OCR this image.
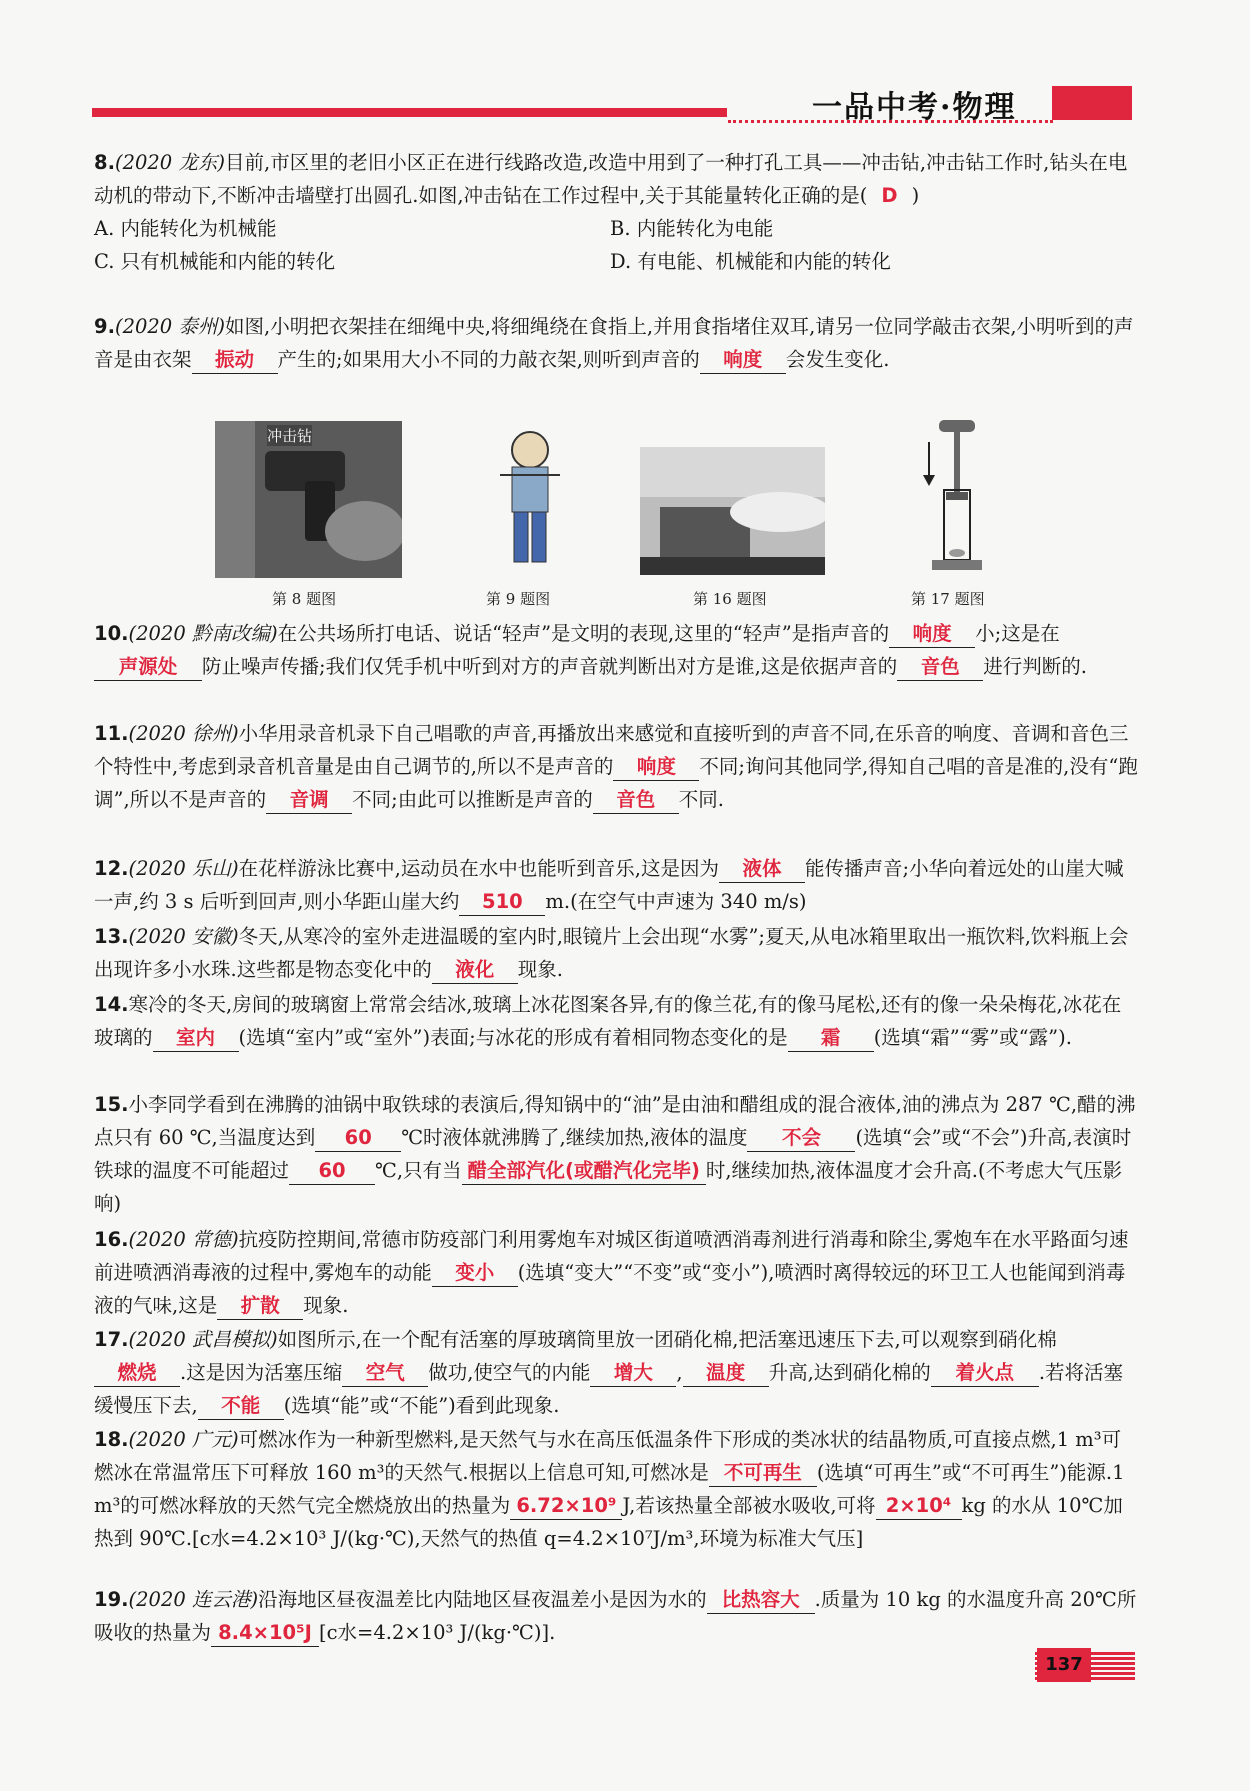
一品中考·物理
8.(2020 龙东)目前,市区里的老旧小区正在进行线路改造,改造中用到了一种打孔工具——冲击钻,冲击钻工作时,钻头在电动机的带动下,不断冲击墙壁打出圆孔.如图,冲击钻在工作过程中,关于其能量转化正确的是( D )
A. 内能转化为机械能	B. 内能转化为电能
C. 只有机械能和内能的转化	D. 有电能、机械能和内能的转化
9.(2020 泰州)如图,小明把衣架挂在细绳中央,将细绳绕在食指上,并用食指堵住双耳,请另一位同学敲击衣架,小明听到的声音是由衣架 振动 产生的;如果用大小不同的力敲衣架,则听到声音的 响度 会发生变化.
冲击钻
第 8 题图	第 9 题图	第 16 题图	第 17 题图
10.(2020 黔南改编)在公共场所打电话、说话“轻声”是文明的表现,这里的“轻声”是指声音的 响度 小;这是在声源处 防止噪声传播;我们仅凭手机中听到对方的声音就判断出对方是谁,这是依据声音的 音色 进行判断的.
11.(2020 徐州)小华用录音机录下自己唱歌的声音,再播放出来感觉和直接听到的声音不同,在乐音的响度、音调和音色三个特性中,考虑到录音机音量是由自己调节的,所以不是声音的 响度 不同;询问其他同学,得知自己唱的音是准的,没有“跑调”,所以不是声音的 音调 不同;由此可以推断是声音的 音色 不同.
12.(2020 乐山)在花样游泳比赛中,运动员在水中也能听到音乐,这是因为 液体 能传播声音;小华向着远处的山崖大喊一声,约 3 s 后听到回声,则小华距山崖大约 510 m.(在空气中声速为 340 m/s)
13.(2020 安徽)冬天,从寒冷的室外走进温暖的室内时,眼镜片上会出现“水雾”;夏天,从电冰箱里取出一瓶饮料,饮料瓶上会出现许多小水珠.这些都是物态变化中的 液化 现象.
14.寒冷的冬天,房间的玻璃窗上常常会结冰,玻璃上冰花图案各异,有的像兰花,有的像马尾松,还有的像一朵朵梅花,冰花在玻璃的 室内 (选填“室内”或“室外”)表面;与冰花的形成有着相同物态变化的是 霜 (选填“霜”“雾”或“露”).
15.小李同学看到在沸腾的油锅中取铁球的表演后,得知锅中的“油”是由油和醋组成的混合液体,油的沸点为 287 ℃,醋的沸点只有 60 ℃,当温度达到 60 ℃时液体就沸腾了,继续加热,液体的温度 不会 (选填“会”或“不会”)升高,表演时铁球的温度不可能超过 60 ℃,只有当 醋全部汽化(或醋汽化完毕) 时,继续加热,液体温度才会升高.(不考虑大气压影响)
16.(2020 常德)抗疫防控期间,常德市防疫部门利用雾炮车对城区街道喷洒消毒剂进行消毒和除尘,雾炮车在水平路面匀速前进喷洒消毒液的过程中,雾炮车的动能 变小 (选填“变大”“不变”或“变小”),喷洒时离得较远的环卫工人也能闻到消毒液的气味,这是 扩散 现象.
17.(2020 武昌模拟)如图所示,在一个配有活塞的厚玻璃筒里放一团硝化棉,把活塞迅速压下去,可以观察到硝化棉燃烧 .这是因为活塞压缩 空气 做功,使空气的内能 增大 , 温度 升高,达到硝化棉的 着火点 .若将活塞缓慢压下去, 不能 (选填“能”或“不能”)看到此现象.
18.(2020 广元)可燃冰作为一种新型燃料,是天然气与水在高压低温条件下形成的类冰状的结晶物质,可直接点燃,1 m³可燃冰在常温常压下可释放 160 m³的天然气.根据以上信息可知,可燃冰是 不可再生 (选填“可再生”或“不可再生”)能源.1 m³的可燃冰释放的天然气完全燃烧放出的热量为 6.72×10⁹ J,若该热量全部被水吸收,可将 2×10⁴ kg 的水从 10℃加热到 90℃.[c水=4.2×10³ J/(kg·℃),天然气的热值 q=4.2×10⁷J/m³,环境为标准大气压]
19.(2020 连云港)沿海地区昼夜温差比内陆地区昼夜温差小是因为水的 比热容大 .质量为 10 kg 的水温度升高 20℃所吸收的热量为 8.4×10⁵J [c水=4.2×10³ J/(kg·℃)].
137
